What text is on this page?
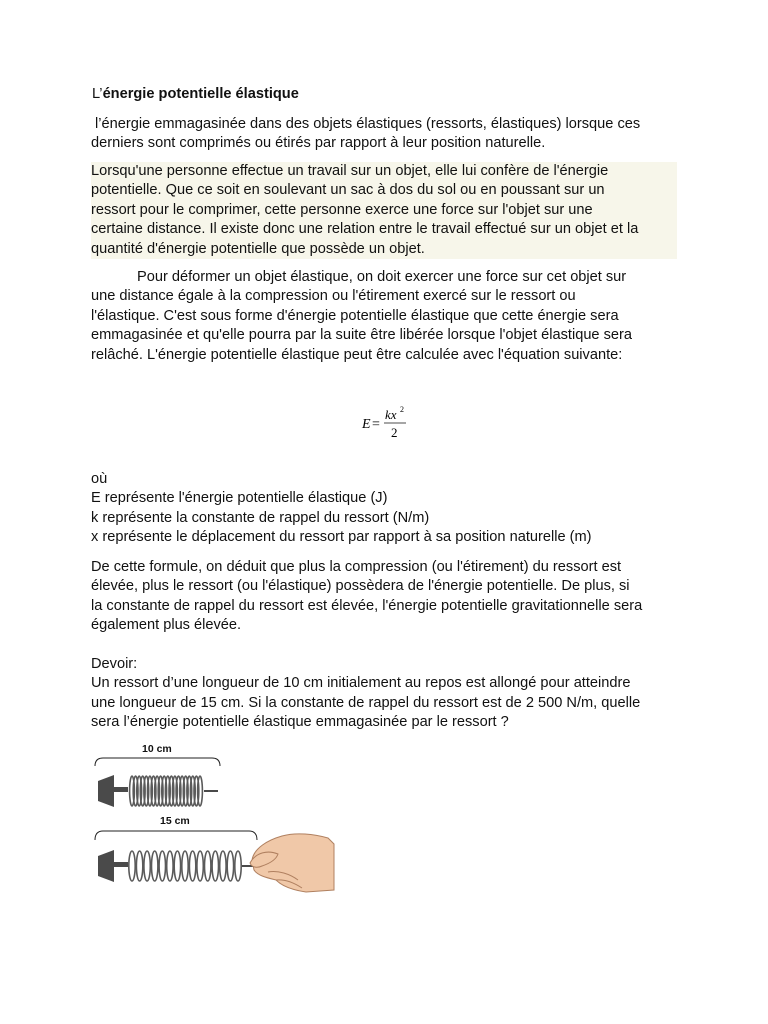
L’énergie potentielle élastique
l’énergie emmagasinée dans des objets élastiques (ressorts, élastiques) lorsque ces
derniers sont comprimés ou étirés par rapport à leur position naturelle.
Lorsqu'une personne effectue un travail sur un objet, elle lui confère de l'énergie
potentielle. Que ce soit en soulevant un sac à dos du sol ou en poussant sur un
ressort pour le comprimer, cette personne exerce une force sur l'objet sur une
certaine distance. Il existe donc une relation entre le travail effectué sur un objet et la
quantité d'énergie potentielle que possède un objet.
Pour déformer un objet élastique, on doit exercer une force sur cet objet sur
une distance égale à la compression ou l'étirement exercé sur le ressort ou
l'élastique. C'est sous forme d'énergie potentielle élastique que cette énergie sera
emmagasinée et qu'elle pourra par la suite être libérée lorsque l'objet élastique sera
relâché. L'énergie potentielle élastique peut être calculée avec l'équation suivante:
E =
kx 2
2
où
E représente l'énergie potentielle élastique (J)
k représente la constante de rappel du ressort (N/m)
x représente le déplacement du ressort par rapport à sa position naturelle (m)
De cette formule, on déduit que plus la compression (ou l'étirement) du ressort est
élevée, plus le ressort (ou l'élastique) possèdera de l'énergie potentielle. De plus, si
la constante de rappel du ressort est élevée, l'énergie potentielle gravitationnelle sera
également plus élevée.
Devoir:
Un ressort d’une longueur de 10 cm initialement au repos est allongé pour atteindre
une longueur de 15 cm. Si la constante de rappel du ressort est de 2 500 N/m, quelle
sera l’énergie potentielle élastique emmagasinée par le ressort ?
10 cm
15 cm
